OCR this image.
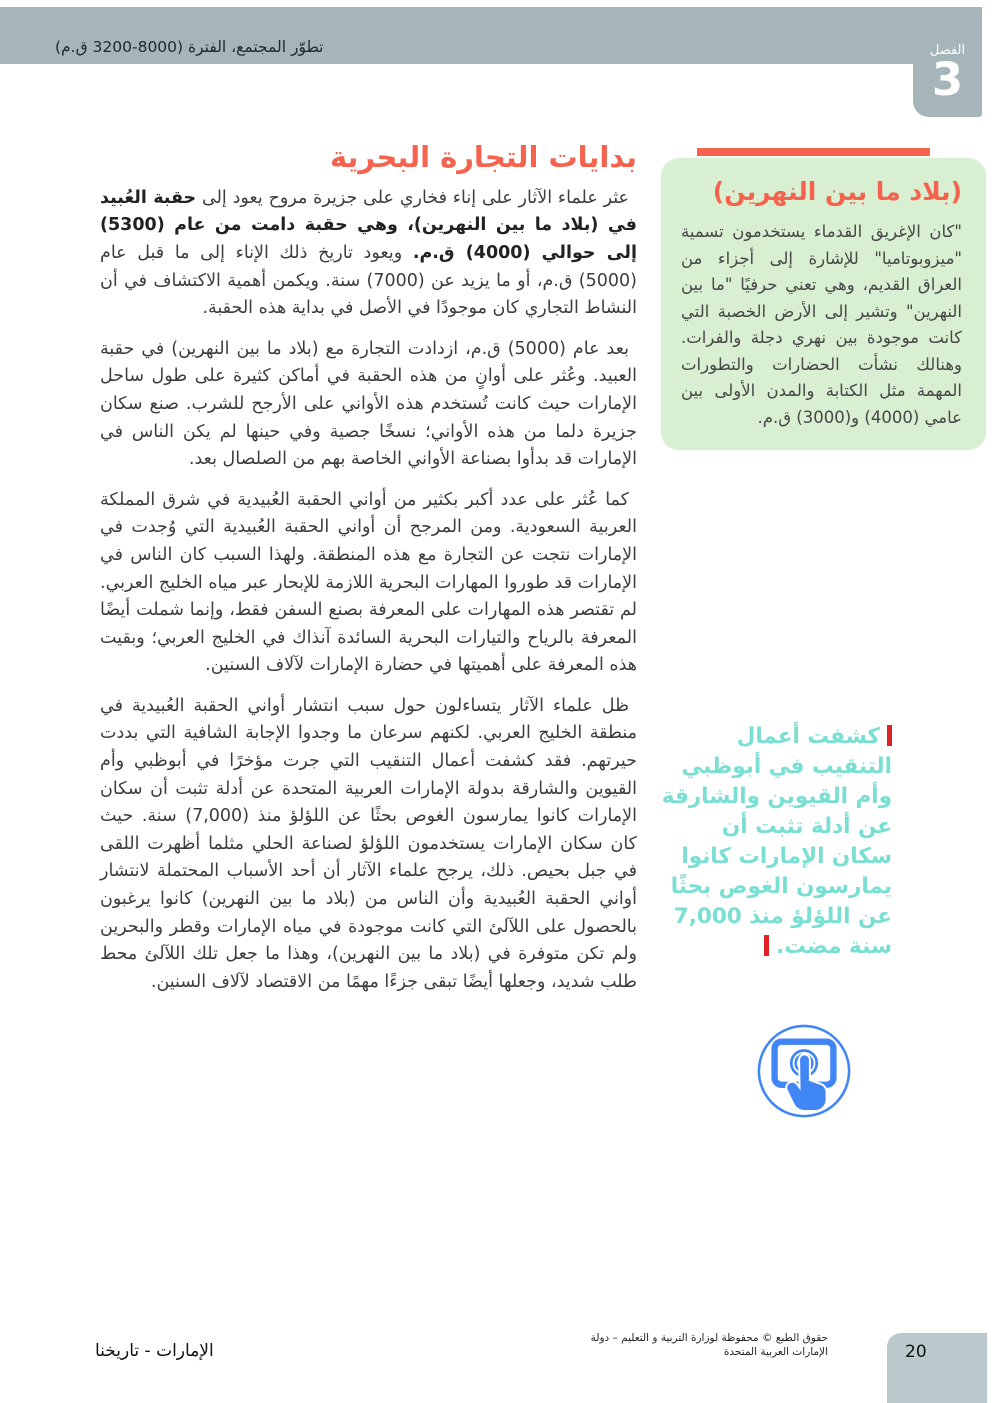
تطوّر المجتمع، الفترة (8000‏-‏3200 ق.م)	الفصل
3
بدايات التجارة البحرية

عثر علماء الآثار على إناء فخاري على جزيرة مروح يعود إلى حقبة العُبيد في (بلاد ما بين النهرين)، وهي حقبة دامت من عام (5300) إلى حوالي (4000) ق.م. ويعود تاريخ ذلك الإناء إلى ما قبل عام (5000) ق.م، أو ما يزيد عن (7000) سنة. ويكمن أهمية الاكتشاف في أن النشاط التجاري كان موجودًا في الأصل في بداية هذه الحقبة.

بعد عام (5000) ق.م، ازدادت التجارة مع (بلاد ما بين النهرين) في حقبة العبيد. وعُثر على أوانٍ من هذه الحقبة في أماكن كثيرة على طول ساحل الإمارات حيث كانت تُستخدم هذه الأواني على الأرجح للشرب. صنع سكان جزيرة دلما من هذه الأواني؛ نسخًا جصية وفي حينها لم يكن الناس في الإمارات قد بدأوا بصناعة الأواني الخاصة بهم من الصلصال بعد.

كما عُثر على عدد أكبر بكثير من أواني الحقبة العُبيدية في شرق المملكة العربية السعودية. ومن المرجح أن أواني الحقبة العُبيدية التي وُجدت في الإمارات نتجت عن التجارة مع هذه المنطقة. ولهذا السبب كان الناس في الإمارات قد طوروا المهارات البحرية اللازمة للإبحار عبر مياه الخليج العربي. لم تقتصر هذه المهارات على المعرفة بصنع السفن فقط، وإنما شملت أيضًا المعرفة بالرياح والتيارات البحرية السائدة آنذاك في الخليج العربي؛ وبقيت هذه المعرفة على أهميتها في حضارة الإمارات لآلاف السنين.

ظل علماء الآثار يتساءلون حول سبب انتشار أواني الحقبة العُبيدية في منطقة الخليج العربي. لكنهم سرعان ما وجدوا الإجابة الشافية التي بددت حيرتهم. فقد كشفت أعمال التنقيب التي جرت مؤخرًا في أبوظبي وأم القيوين والشارقة بدولة الإمارات العربية المتحدة عن أدلة تثبت أن سكان الإمارات كانوا يمارسون الغوص بحثًا عن اللؤلؤ منذ (7,000) سنة. حيث كان سكان الإمارات يستخدمون اللؤلؤ لصناعة الحلي مثلما أظهرت اللقى في جبل بحيص. ذلك، يرجح علماء الآثار أن أحد الأسباب المحتملة لانتشار أواني الحقبة العُبيدية وأن الناس من (بلاد ما بين النهرين) كانوا يرغبون بالحصول على اللآلئ التي كانت موجودة في مياه الإمارات وقطر والبحرين ولم تكن متوفرة في (بلاد ما بين النهرين)، وهذا ما جعل تلك اللآلئ محط طلب شديد، وجعلها أيضًا تبقى جزءًا مهمًا من الاقتصاد لآلاف السنين.

(بلاد ما بين النهرين)
"كان الإغريق القدماء يستخدمون تسمية "ميزوبوتاميا" للإشارة إلى أجزاء من العراق القديم، وهي تعني حرفيًا "ما بين النهرين" وتشير إلى الأرض الخصبة التي كانت موجودة بين نهري دجلة والفرات. وهنالك نشأت الحضارات والتطورات المهمة مثل الكتابة والمدن الأولى بين عامي (4000) و(3000) ق.م.
كشفت أعمال التنقيب في أبوظبي وأم القيوين والشارقة عن أدلة تثبت أن سكان الإمارات كانوا يمارسون الغوص بحثًا عن اللؤلؤ منذ 7,000 سنة مضت.
حقوق الطبع © محفوظة لوزارة التربية و التعليم – دولة الإمارات العربية المتحدة
الإمارات - تاريخنا	20
